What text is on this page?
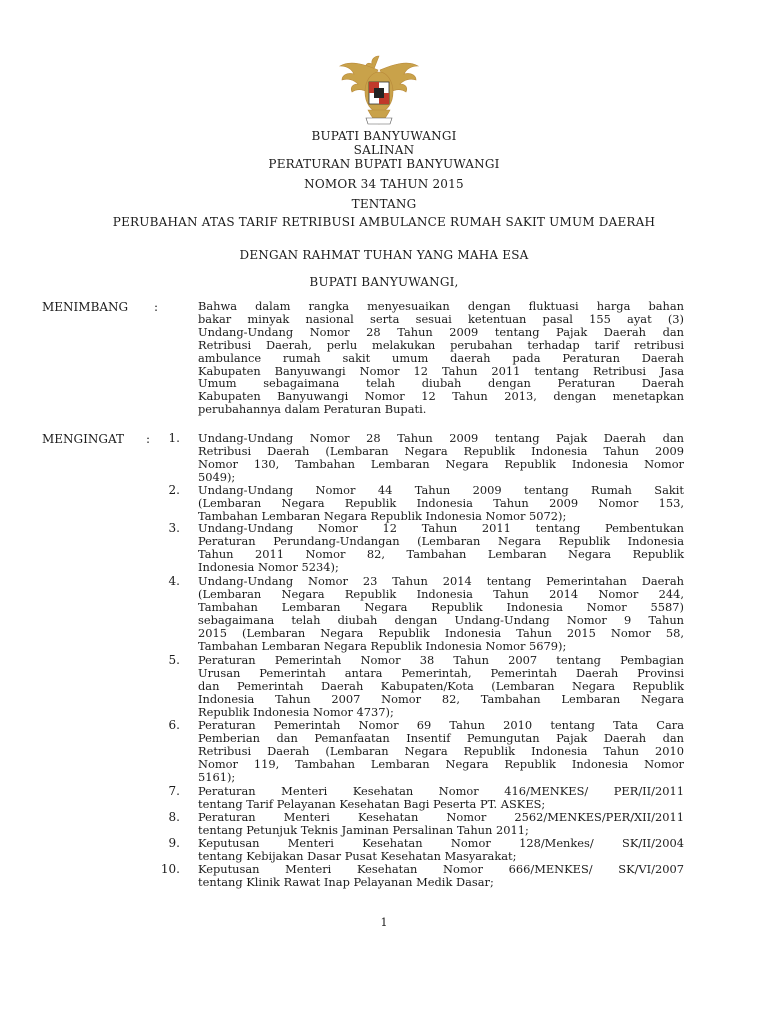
BUPATI BANYUWANGI
SALINAN
PERATURAN BUPATI BANYUWANGI
NOMOR 34 TAHUN 2015
TENTANG
PERUBAHAN ATAS TARIF RETRIBUSI AMBULANCE RUMAH SAKIT UMUM DAERAH
DENGAN RAHMAT TUHAN YANG MAHA ESA
BUPATI BANYUWANGI,
MENIMBANG :	Bahwa dalam rangka menyesuaikan dengan fluktuasi harga bahan
bakar minyak nasional serta sesuai ketentuan pasal 155 ayat (3)
Undang-Undang Nomor 28 Tahun 2009 tentang Pajak Daerah dan
Retribusi Daerah, perlu melakukan perubahan terhadap tarif retribusi
ambulance rumah sakit umum daerah pada Peraturan Daerah
Kabupaten Banyuwangi Nomor 12 Tahun 2011 tentang Retribusi Jasa
Umum sebagaimana telah diubah dengan Peraturan Daerah
Kabupaten Banyuwangi Nomor 12 Tahun 2013, dengan menetapkan
perubahannya dalam Peraturan Bupati.
MENGINGAT :	1. Undang-Undang Nomor 28 Tahun 2009 tentang Pajak Daerah dan
Retribusi Daerah (Lembaran Negara Republik Indonesia Tahun 2009
Nomor 130, Tambahan Lembaran Negara Republik Indonesia Nomor
5049);
2. Undang-Undang Nomor 44 Tahun 2009 tentang Rumah Sakit
(Lembaran Negara Republik Indonesia Tahun 2009 Nomor 153,
Tambahan Lembaran Negara Republik Indonesia Nomor 5072);
3. Undang-Undang Nomor 12 Tahun 2011 tentang Pembentukan
Peraturan Perundang-Undangan (Lembaran Negara Republik Indonesia
Tahun 2011 Nomor 82, Tambahan Lembaran Negara Republik
Indonesia Nomor 5234);
4. Undang-Undang Nomor 23 Tahun 2014 tentang Pemerintahan Daerah
(Lembaran Negara Republik Indonesia Tahun 2014 Nomor 244,
Tambahan Lembaran Negara Republik Indonesia Nomor 5587)
sebagaimana telah diubah dengan Undang-Undang Nomor 9 Tahun
2015 (Lembaran Negara Republik Indonesia Tahun 2015 Nomor 58,
Tambahan Lembaran Negara Republik Indonesia Nomor 5679);
5. Peraturan Pemerintah Nomor 38 Tahun 2007 tentang Pembagian
Urusan Pemerintah antara Pemerintah, Pemerintah Daerah Provinsi
dan Pemerintah Daerah Kabupaten/Kota (Lembaran Negara Republik
Indonesia Tahun 2007 Nomor 82, Tambahan Lembaran Negara
Republik Indonesia Nomor 4737);
6. Peraturan Pemerintah Nomor 69 Tahun 2010 tentang Tata Cara
Pemberian dan Pemanfaatan Insentif Pemungutan Pajak Daerah dan
Retribusi Daerah (Lembaran Negara Republik Indonesia Tahun 2010
Nomor 119, Tambahan Lembaran Negara Republik Indonesia Nomor
5161);
7. Peraturan Menteri Kesehatan Nomor 416/MENKES/ PER/II/2011
tentang Tarif Pelayanan Kesehatan Bagi Peserta PT. ASKES;
8. Peraturan Menteri Kesehatan Nomor 2562/MENKES/PER/XII/2011
tentang Petunjuk Teknis Jaminan Persalinan Tahun 2011;
9. Keputusan Menteri Kesehatan Nomor 128/Menkes/ SK/II/2004
tentang Kebijakan Dasar Pusat Kesehatan Masyarakat;
10. Keputusan Menteri Kesehatan Nomor 666/MENKES/ SK/VI/2007
tentang Klinik Rawat Inap Pelayanan Medik Dasar;
1
